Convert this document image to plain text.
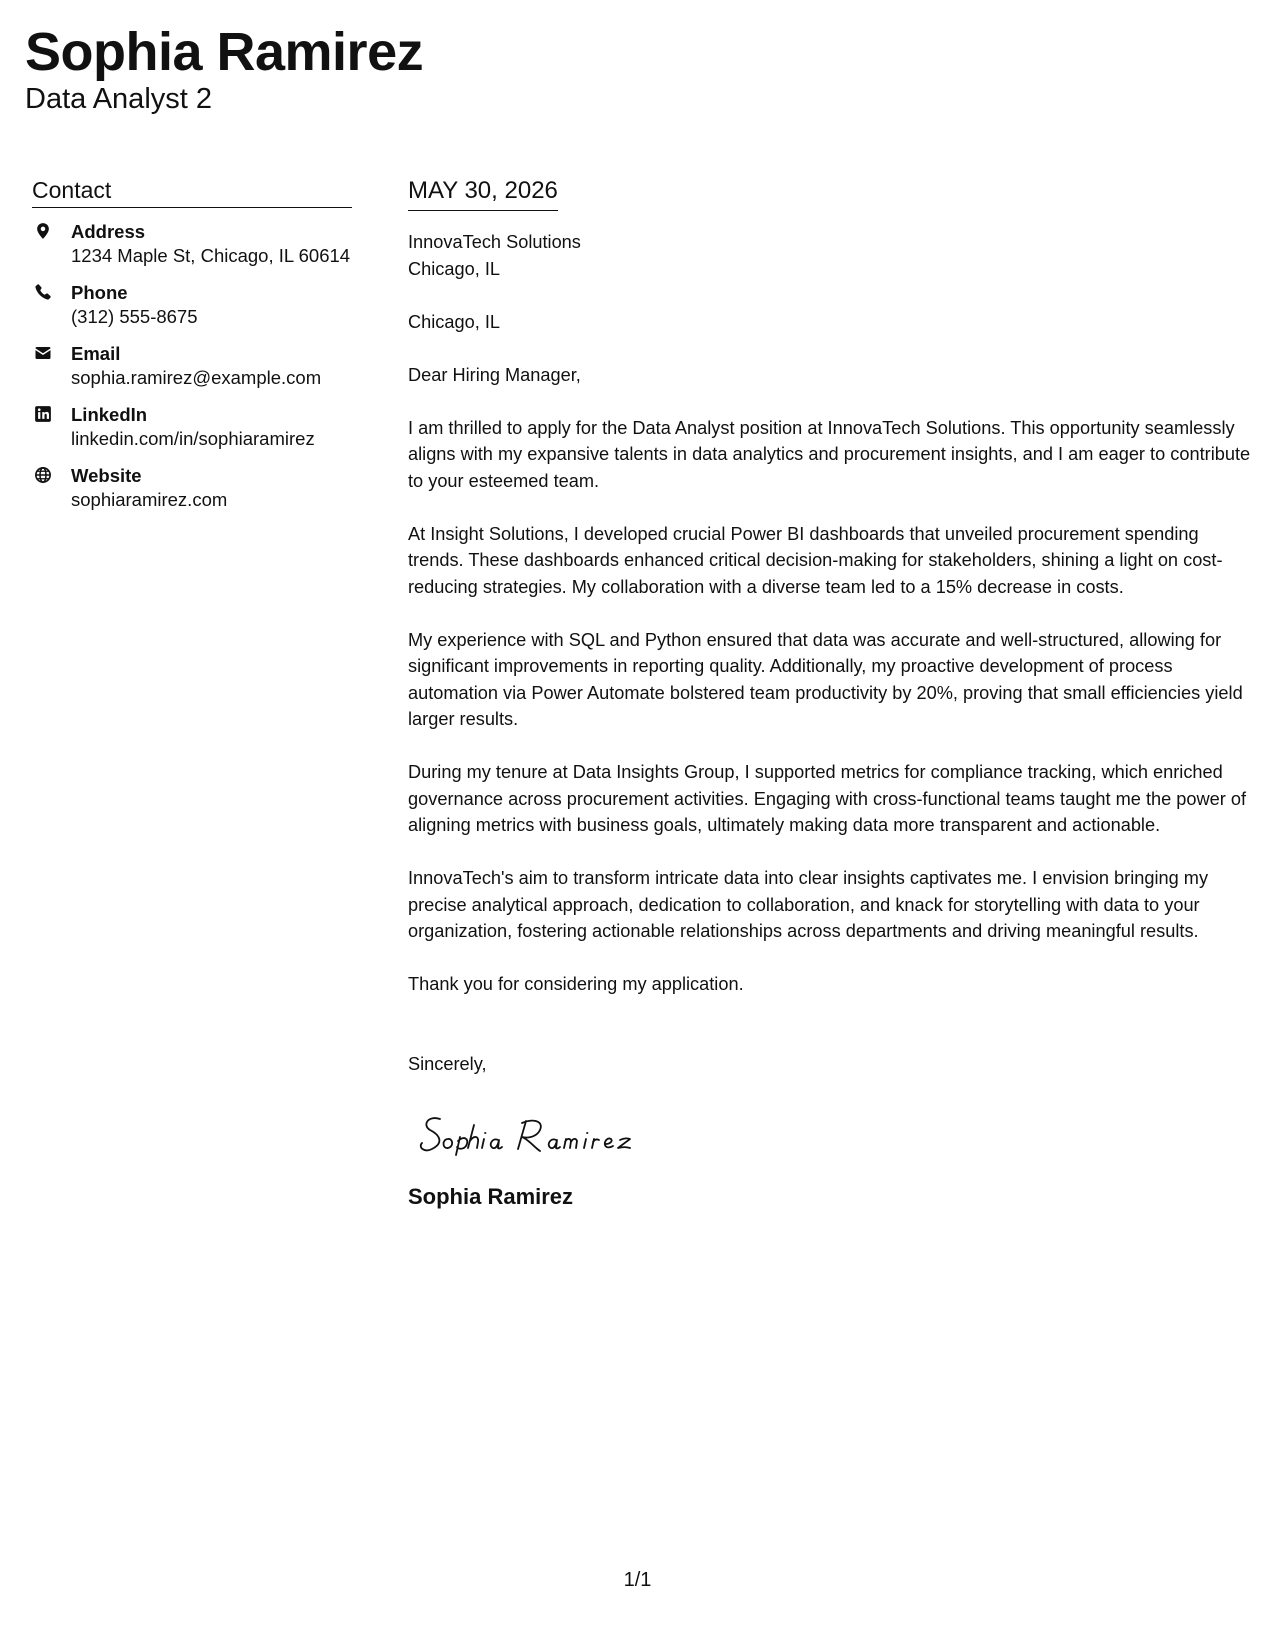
Sophia Ramirez
Data Analyst 2
Contact
Address
1234 Maple St, Chicago, IL 60614
Phone
(312) 555-8675
Email
sophia.ramirez@example.com
LinkedIn
linkedin.com/in/sophiaramirez
Website
sophiaramirez.com
MAY 30, 2026

InnovaTech Solutions
Chicago, IL

Chicago, IL

Dear Hiring Manager,

I am thrilled to apply for the Data Analyst position at InnovaTech Solutions. This opportunity seamlessly aligns with my expansive talents in data analytics and procurement insights, and I am eager to contribute to your esteemed team.

At Insight Solutions, I developed crucial Power BI dashboards that unveiled procurement spending trends. These dashboards enhanced critical decision-making for stakeholders, shining a light on cost-reducing strategies. My collaboration with a diverse team led to a 15% decrease in costs.

My experience with SQL and Python ensured that data was accurate and well-structured, allowing for significant improvements in reporting quality. Additionally, my proactive development of process automation via Power Automate bolstered team productivity by 20%, proving that small efficiencies yield larger results.

During my tenure at Data Insights Group, I supported metrics for compliance tracking, which enriched governance across procurement activities. Engaging with cross-functional teams taught me the power of aligning metrics with business goals, ultimately making data more transparent and actionable.

InnovaTech's aim to transform intricate data into clear insights captivates me. I envision bringing my precise analytical approach, dedication to collaboration, and knack for storytelling with data to your organization, fostering actionable relationships across departments and driving meaningful results.

Thank you for considering my application.

Sincerely,

Sophia Ramirez

1/1
